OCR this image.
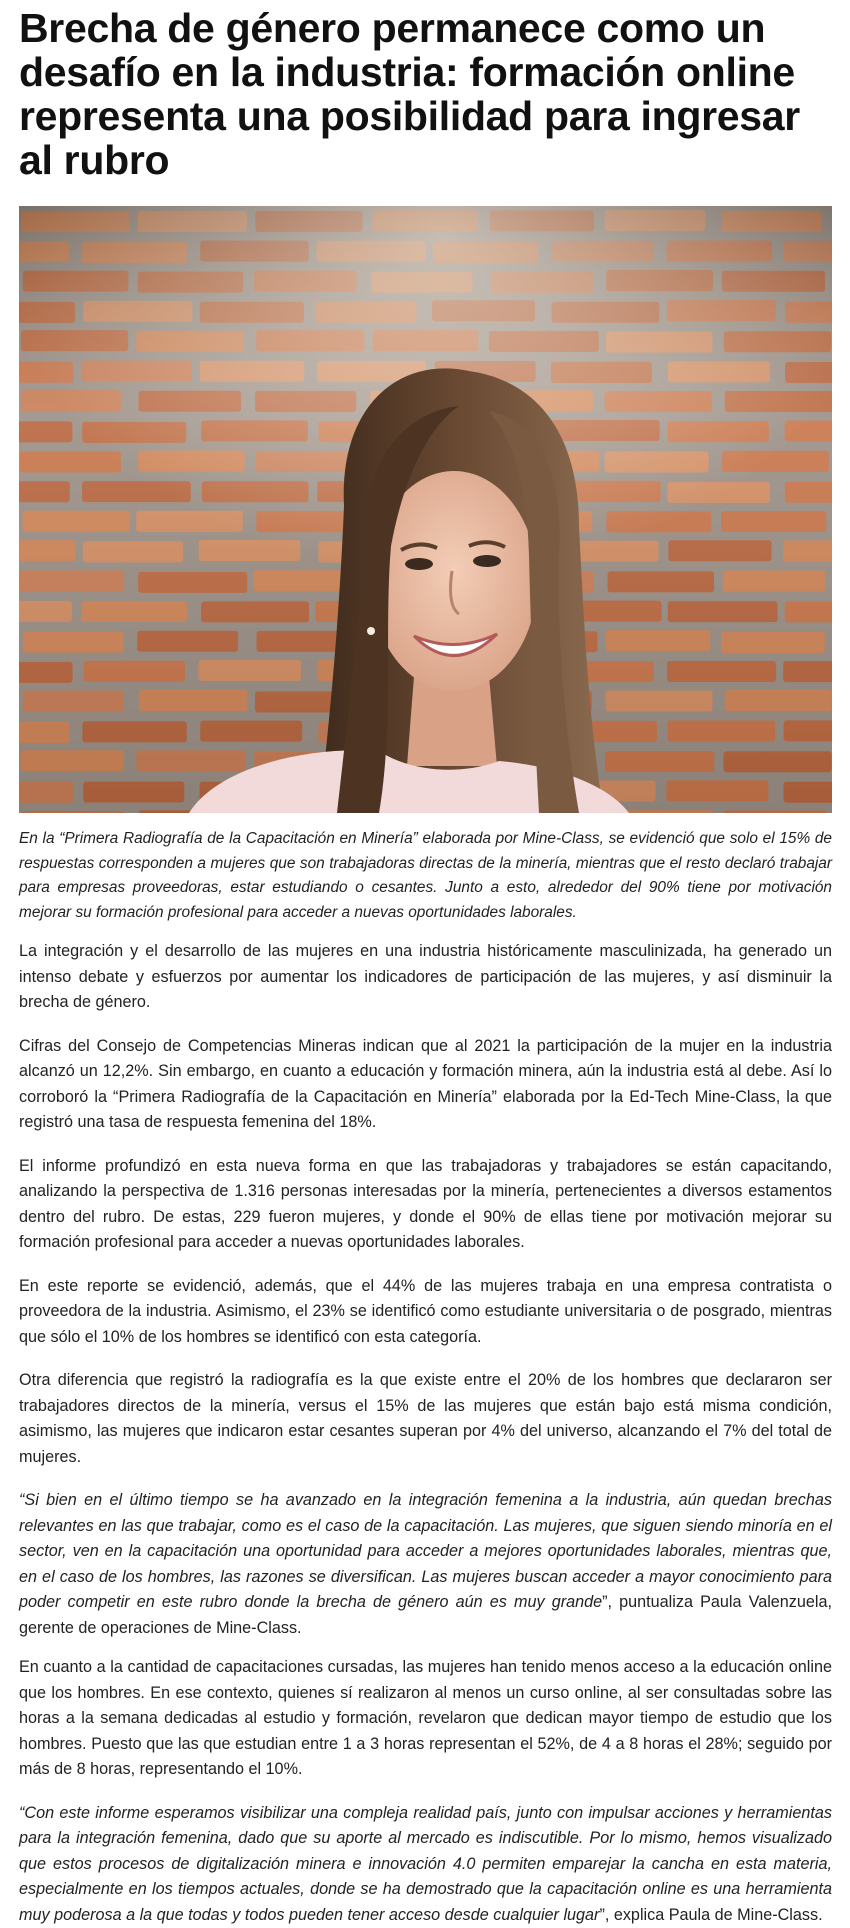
Brecha de género permanece como un desafío en la industria: formación online representa una posibilidad para ingresar al rubro

En la “Primera Radiografía de la Capacitación en Minería” elaborada por Mine-Class, se evidenció que solo el 15% de respuestas corresponden a mujeres que son trabajadoras directas de la minería, mientras que el resto declaró trabajar para empresas proveedoras, estar estudiando o cesantes. Junto a esto, alrededor del 90% tiene por motivación mejorar su formación profesional para acceder a nuevas oportunidades laborales.

La integración y el desarrollo de las mujeres en una industria históricamente masculinizada, ha generado un intenso debate y esfuerzos por aumentar los indicadores de participación de las mujeres, y así disminuir la brecha de género.

Cifras del Consejo de Competencias Mineras indican que al 2021 la participación de la mujer en la industria alcanzó un 12,2%. Sin embargo, en cuanto a educación y formación minera, aún la industria está al debe. Así lo corroboró la “Primera Radiografía de la Capacitación en Minería” elaborada por la Ed-Tech Mine-Class, la que registró una tasa de respuesta femenina del 18%.

El informe profundizó en esta nueva forma en que las trabajadoras y trabajadores se están capacitando, analizando la perspectiva de 1.316 personas interesadas por la minería, pertenecientes a diversos estamentos dentro del rubro. De estas, 229 fueron mujeres, y donde el 90% de ellas tiene por motivación mejorar su formación profesional para acceder a nuevas oportunidades laborales.

En este reporte se evidenció, además, que el 44% de las mujeres trabaja en una empresa contratista o proveedora de la industria. Asimismo, el 23% se identificó como estudiante universitaria o de posgrado, mientras que sólo el 10% de los hombres se identificó con esta categoría.

Otra diferencia que registró la radiografía es la que existe entre el 20% de los hombres que declararon ser trabajadores directos de la minería, versus el 15% de las mujeres que están bajo está misma condición, asimismo, las mujeres que indicaron estar cesantes superan por 4% del universo, alcanzando el 7% del total de mujeres.

“Si bien en el último tiempo se ha avanzado en la integración femenina a la industria, aún quedan brechas relevantes en las que trabajar, como es el caso de la capacitación. Las mujeres, que siguen siendo minoría en el sector, ven en la capacitación una oportunidad para acceder a mejores oportunidades laborales, mientras que, en el caso de los hombres, las razones se diversifican. Las mujeres buscan acceder a mayor conocimiento para poder competir en este rubro donde la brecha de género aún es muy grande”, puntualiza Paula Valenzuela, gerente de operaciones de Mine-Class.

En cuanto a la cantidad de capacitaciones cursadas, las mujeres han tenido menos acceso a la educación online que los hombres. En ese contexto, quienes sí realizaron al menos un curso online, al ser consultadas sobre las horas a la semana dedicadas al estudio y formación, revelaron que dedican mayor tiempo de estudio que los hombres. Puesto que las que estudian entre 1 a 3 horas representan el 52%, de 4 a 8 horas el 28%; seguido por más de 8 horas, representando el 10%.

“Con este informe esperamos visibilizar una compleja realidad país, junto con impulsar acciones y herramientas para la integración femenina, dado que su aporte al mercado es indiscutible. Por lo mismo, hemos visualizado que estos procesos de digitalización minera e innovación 4.0 permiten emparejar la cancha en esta materia, especialmente en los tiempos actuales, donde se ha demostrado que la capacitación online es una herramienta muy poderosa a la que todas y todos pueden tener acceso desde cualquier lugar”, explica Paula de Mine-Class.
